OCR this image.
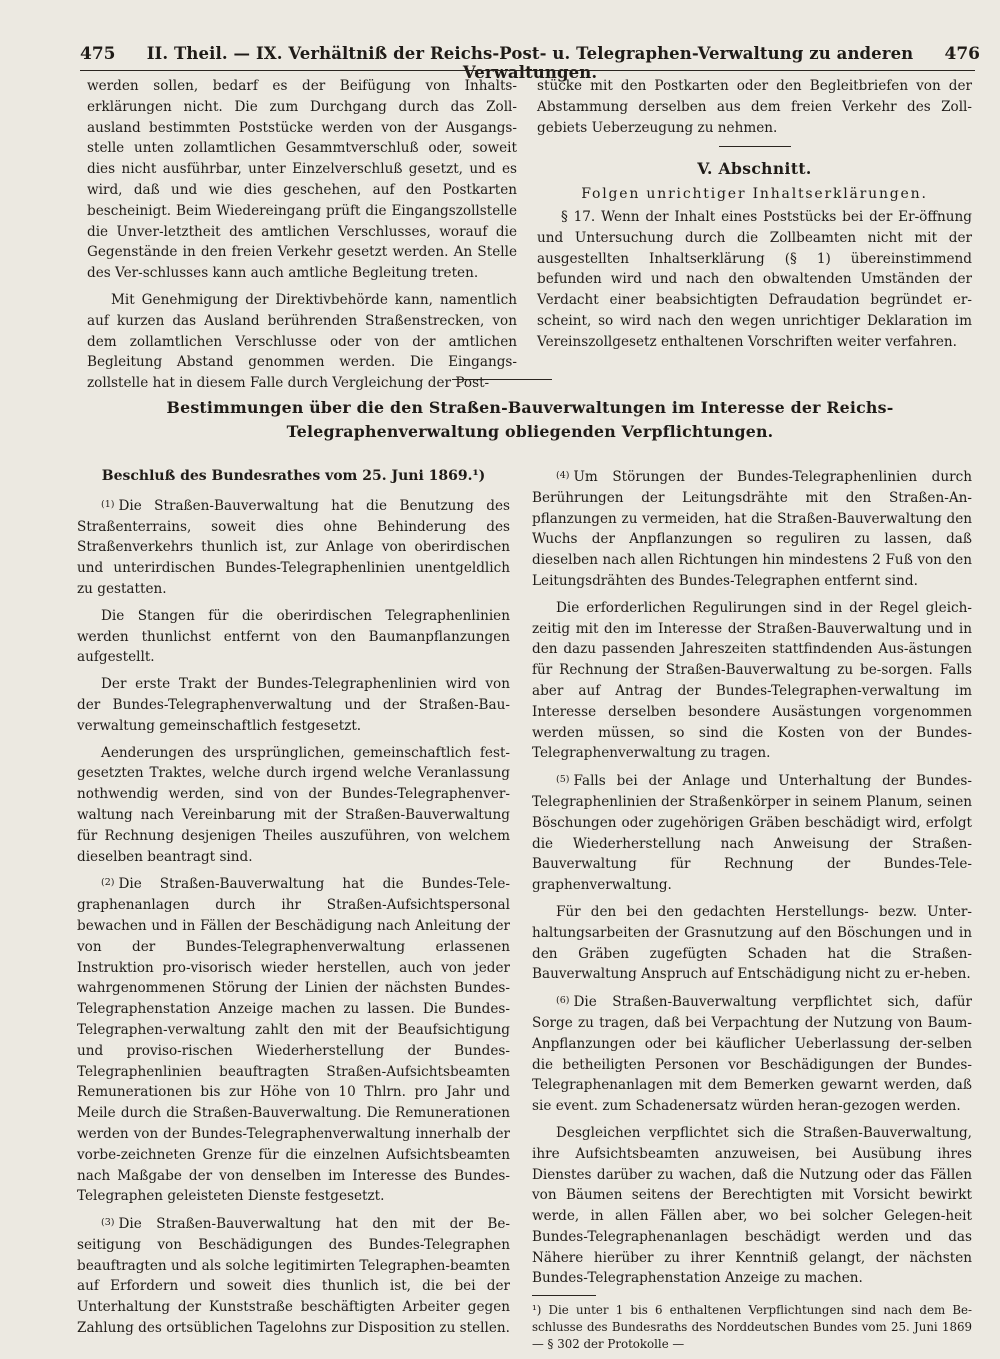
475	II. Theil. — IX. Verhältniß der Reichs-Post- u. Telegraphen-Verwaltung zu anderen Verwaltungen.
476

werden sollen, bedarf es der Beifügung von Inhalts-erklärungen nicht. Die zum Durchgang durch das Zoll-ausland bestimmten Poststücke werden von der Ausgangs-stelle unten zollamtlichen Gesammtverschluß oder, soweit dies nicht ausführbar, unter Einzelverschluß gesetzt, und es wird, daß und wie dies geschehen, auf den Postkarten bescheinigt. Beim Wiedereingang prüft die Eingangszollstelle die Unver-letztheit des amtlichen Verschlusses, worauf die Gegenstände in den freien Verkehr gesetzt werden. An Stelle des Ver-schlusses kann auch amtliche Begleitung treten.

Mit Genehmigung der Direktivbehörde kann, namentlich auf kurzen das Ausland berührenden Straßenstrecken, von dem zollamtlichen Verschlusse oder von der amtlichen Begleitung Abstand genommen werden. Die Eingangs-zollstelle hat in diesem Falle durch Vergleichung der Post-

stücke mit den Postkarten oder den Begleitbriefen von der Abstammung derselben aus dem freien Verkehr des Zoll-gebiets Ueberzeugung zu nehmen.

V. Abschnitt.
Folgen unrichtiger Inhaltserklärungen.

§ 17. Wenn der Inhalt eines Poststücks bei der Er-öffnung und Untersuchung durch die Zollbeamten nicht mit der ausgestellten Inhaltserklärung (§ 1) übereinstimmend befunden wird und nach den obwaltenden Umständen der Verdacht einer beabsichtigten Defraudation begründet er-scheint, so wird nach den wegen unrichtiger Deklaration im Vereinszollgesetz enthaltenen Vorschriften weiter verfahren.

Bestimmungen über die den Straßen-Bauverwaltungen im Interesse der Reichs-Telegraphenverwaltung obliegenden Verpflichtungen.
Beschluß des Bundesrathes vom 25. Juni 1869.¹)

$^{(1)}$ Die Straßen-Bauverwaltung hat die Benutzung des Straßenterrains, soweit dies ohne Behinderung des Straßenverkehrs thunlich ist, zur Anlage von oberirdischen und unterirdischen Bundes-Telegraphenlinien unentgeldlich zu gestatten.

Die Stangen für die oberirdischen Telegraphenlinien werden thunlichst entfernt von den Baumanpflanzungen aufgestellt.

Der erste Trakt der Bundes-Telegraphenlinien wird von der Bundes-Telegraphenverwaltung und der Straßen-Bau-verwaltung gemeinschaftlich festgesetzt.

Aenderungen des ursprünglichen, gemeinschaftlich fest-gesetzten Traktes, welche durch irgend welche Veranlassung nothwendig werden, sind von der Bundes-Telegraphenver-waltung nach Vereinbarung mit der Straßen-Bauverwaltung für Rechnung desjenigen Theiles auszuführen, von welchem dieselben beantragt sind.

$^{(2)}$ Die Straßen-Bauverwaltung hat die Bundes-Tele-graphenanlagen durch ihr Straßen-Aufsichtspersonal bewachen und in Fällen der Beschädigung nach Anleitung der von der Bundes-Telegraphenverwaltung erlassenen Instruktion pro-visorisch wieder herstellen, auch von jeder wahrgenommenen Störung der Linien der nächsten Bundes-Telegraphenstation Anzeige machen zu lassen. Die Bundes-Telegraphen-verwaltung zahlt den mit der Beaufsichtigung und proviso-rischen Wiederherstellung der Bundes-Telegraphenlinien beauftragten Straßen-Aufsichtsbeamten Remunerationen bis zur Höhe von 10 Thlrn. pro Jahr und Meile durch die Straßen-Bauverwaltung. Die Remunerationen werden von der Bundes-Telegraphenverwaltung innerhalb der vorbe-zeichneten Grenze für die einzelnen Aufsichtsbeamten nach Maßgabe der von denselben im Interesse des Bundes-Telegraphen geleisteten Dienste festgesetzt.

$^{(3)}$ Die Straßen-Bauverwaltung hat den mit der Be-seitigung von Beschädigungen des Bundes-Telegraphen beauftragten und als solche legitimirten Telegraphen-beamten auf Erfordern und soweit dies thunlich ist, die bei der Unterhaltung der Kunststraße beschäftigten Arbeiter gegen Zahlung des ortsüblichen Tagelohns zur Disposition zu stellen.

$^{(4)}$ Um Störungen der Bundes-Telegraphenlinien durch Berührungen der Leitungsdrähte mit den Straßen-An-pflanzungen zu vermeiden, hat die Straßen-Bauverwaltung den Wuchs der Anpflanzungen so reguliren zu lassen, daß dieselben nach allen Richtungen hin mindestens 2 Fuß von den Leitungsdrähten des Bundes-Telegraphen entfernt sind.

Die erforderlichen Regulirungen sind in der Regel gleich-zeitig mit den im Interesse der Straßen-Bauverwaltung und in den dazu passenden Jahreszeiten stattfindenden Aus-ästungen für Rechnung der Straßen-Bauverwaltung zu be-sorgen. Falls aber auf Antrag der Bundes-Telegraphen-verwaltung im Interesse derselben besondere Ausästungen vorgenommen werden müssen, so sind die Kosten von der Bundes-Telegraphenverwaltung zu tragen.

$^{(5)}$ Falls bei der Anlage und Unterhaltung der Bundes-Telegraphenlinien der Straßenkörper in seinem Planum, seinen Böschungen oder zugehörigen Gräben beschädigt wird, erfolgt die Wiederherstellung nach Anweisung der Straßen-Bauverwaltung für Rechnung der Bundes-Tele-graphenverwaltung.

Für den bei den gedachten Herstellungs- bezw. Unter-haltungsarbeiten der Grasnutzung auf den Böschungen und in den Gräben zugefügten Schaden hat die Straßen-Bauverwaltung Anspruch auf Entschädigung nicht zu er-heben.

$^{(6)}$ Die Straßen-Bauverwaltung verpflichtet sich, dafür Sorge zu tragen, daß bei Verpachtung der Nutzung von Baum-Anpflanzungen oder bei käuflicher Ueberlassung der-selben die betheiligten Personen vor Beschädigungen der Bundes-Telegraphenanlagen mit dem Bemerken gewarnt werden, daß sie event. zum Schadenersatz würden heran-gezogen werden.

Desgleichen verpflichtet sich die Straßen-Bauverwaltung, ihre Aufsichtsbeamten anzuweisen, bei Ausübung ihres Dienstes darüber zu wachen, daß die Nutzung oder das Fällen von Bäumen seitens der Berechtigten mit Vorsicht bewirkt werde, in allen Fällen aber, wo bei solcher Gelegen-heit Bundes-Telegraphenanlagen beschädigt werden und das Nähere hierüber zu ihrer Kenntniß gelangt, der nächsten Bundes-Telegraphenstation Anzeige zu machen.

¹) Die unter 1 bis 6 enthaltenen Verpflichtungen sind nach dem Be-schlusse des Bundesraths des Norddeutschen Bundes vom 25. Juni 1869 — § 302 der Protokolle —
